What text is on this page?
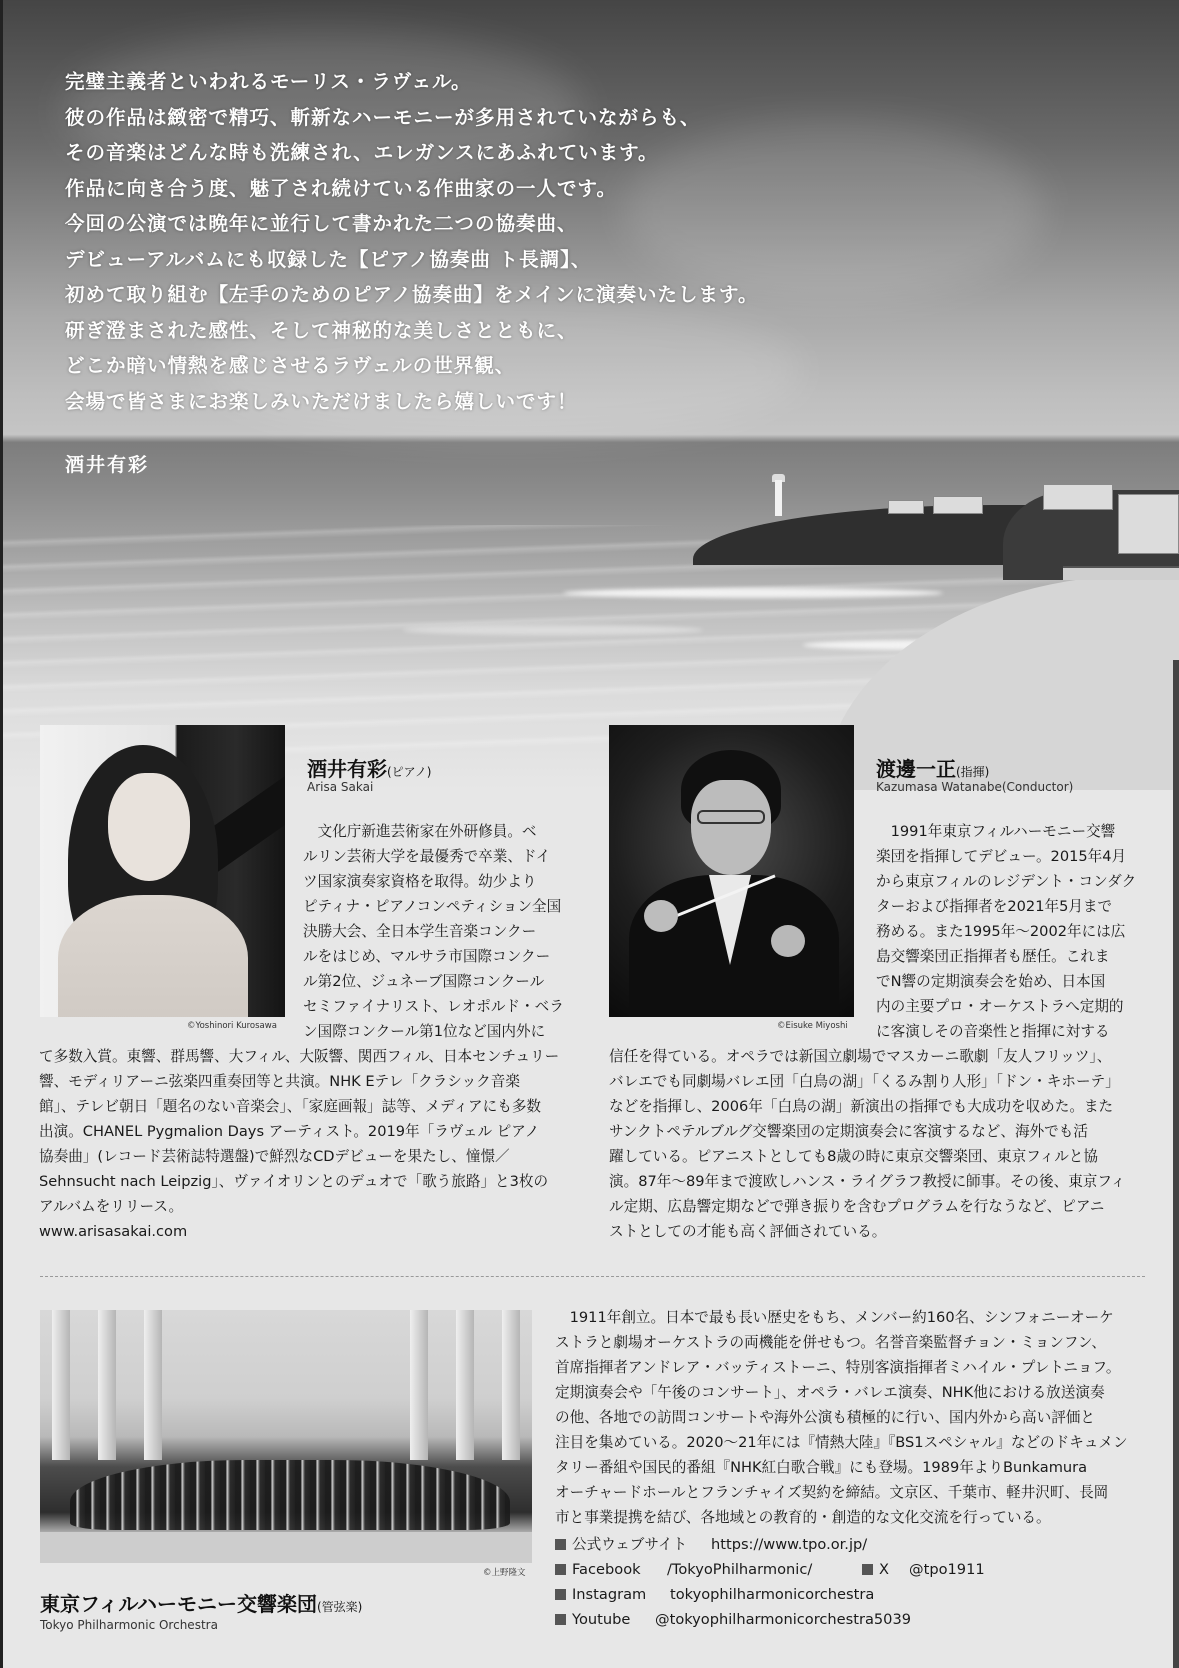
完璧主義者といわれるモーリス・ラヴェル。
彼の作品は緻密で精巧、斬新なハーモニーが多用されていながらも、
その音楽はどんな時も洗練され、エレガンスにあふれています。
作品に向き合う度、魅了され続けている作曲家の一人です。
今回の公演では晩年に並行して書かれた二つの協奏曲、
デビューアルバムにも収録した【ピアノ協奏曲 ト長調】、
初めて取り組む【左手のためのピアノ協奏曲】をメインに演奏いたします。
研ぎ澄まされた感性、そして神秘的な美しさとともに、
どこか暗い情熱を感じさせるラヴェルの世界観、
会場で皆さまにお楽しみいただけましたら嬉しいです！
酒井有彩
©Yoshinori Kurosawa
酒井有彩(ピアノ)
Arisa Sakai
　文化庁新進芸術家在外研修員。ベ
ルリン芸術大学を最優秀で卒業、ドイ
ツ国家演奏家資格を取得。幼少より
ピティナ・ピアノコンペティション全国
決勝大会、全日本学生音楽コンクー
ルをはじめ、マルサラ市国際コンクー
ル第2位、ジュネーブ国際コンクール
セミファイナリスト、レオポルド・ベラ
ン国際コンクール第1位など国内外に
て多数入賞。東響、群馬響、大フィル、大阪響、関西フィル、日本センチュリー
響、モディリアーニ弦楽四重奏団等と共演。NHK Eテレ「クラシック音楽
館」、テレビ朝日「題名のない音楽会」、「家庭画報」誌等、メディアにも多数
出演。CHANEL Pygmalion Days アーティスト。2019年「ラヴェル ピアノ
協奏曲」(レコード芸術誌特選盤)で鮮烈なCDデビューを果たし、憧憬／
Sehnsucht nach Leipzig」、ヴァイオリンとのデュオで「歌う旅路」と3枚の
アルバムをリリース。
www.arisasakai.com
©Eisuke Miyoshi
渡邊一正(指揮)
Kazumasa Watanabe(Conductor)
　1991年東京フィルハーモニー交響
楽団を指揮してデビュー。2015年4月
から東京フィルのレジデント・コンダク
ターおよび指揮者を2021年5月まで
務める。また1995年～2002年には広
島交響楽団正指揮者も歴任。これま
でN響の定期演奏会を始め、日本国
内の主要プロ・オーケストラへ定期的
に客演しその音楽性と指揮に対する
信任を得ている。オペラでは新国立劇場でマスカーニ歌劇「友人フリッツ」、
バレエでも同劇場バレエ団「白鳥の湖」「くるみ割り人形」「ドン・キホーテ」
などを指揮し、2006年「白鳥の湖」新演出の指揮でも大成功を収めた。また
サンクトペテルブルグ交響楽団の定期演奏会に客演するなど、海外でも活
躍している。ピアニストとしても8歳の時に東京交響楽団、東京フィルと協
演。87年～89年まで渡欧しハンス・ライグラフ教授に師事。その後、東京フィ
ル定期、広島響定期などで弾き振りを含むプログラムを行なうなど、ピアニ
ストとしての才能も高く評価されている。
©上野隆文
東京フィルハーモニー交響楽団(管弦楽)
Tokyo Philharmonic Orchestra
　1911年創立。日本で最も長い歴史をもち、メンバー約160名、シンフォニーオーケ
ストラと劇場オーケストラの両機能を併せもつ。名誉音楽監督チョン・ミョンフン、
首席指揮者アンドレア・バッティストーニ、特別客演指揮者ミハイル・プレトニョフ。
定期演奏会や「午後のコンサート」、オペラ・バレエ演奏、NHK他における放送演奏
の他、各地での訪問コンサートや海外公演も積極的に行い、国内外から高い評価と
注目を集めている。2020～21年には『情熱大陸』『BS1スペシャル』などのドキュメン
タリー番組や国民的番組『NHK紅白歌合戦』にも登場。1989年よりBunkamura
オーチャードホールとフランチャイズ契約を締結。文京区、千葉市、軽井沢町、長岡
市と事業提携を結び、各地域との教育的・創造的な文化交流を行っている。
公式ウェブサイト https://www.tpo.or.jp/
Facebook /TokyoPhilharmonic/	X @tpo1911
Instagram tokyophilharmonicorchestra
Youtube @tokyophilharmonicorchestra5039
